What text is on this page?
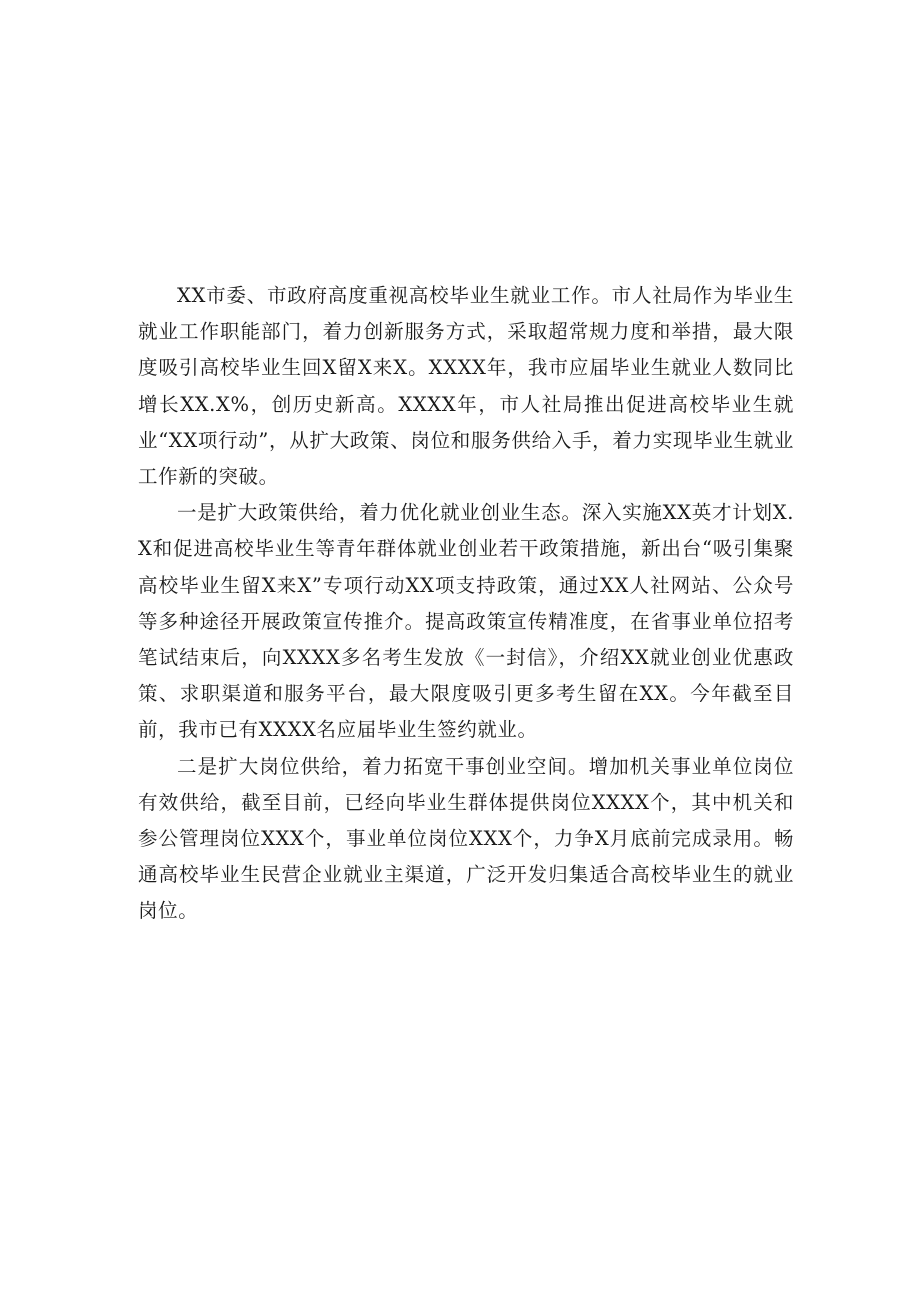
XX市委、市政府高度重视高校毕业生就业工作。市人社局作为毕业生就业工作职能部门，着力创新服务方式，采取超常规力度和举措，最大限度吸引高校毕业生回X留X来X。XXXX年，我市应届毕业生就业人数同比增长XX.X%，创历史新高。XXXX年，市人社局推出促进高校毕业生就业“XX项行动”，从扩大政策、岗位和服务供给入手，着力实现毕业生就业工作新的突破。

一是扩大政策供给，着力优化就业创业生态。深入实施XX英才计划X.X和促进高校毕业生等青年群体就业创业若干政策措施，新出台“吸引集聚高校毕业生留X来X”专项行动XX项支持政策，通过XX人社网站、公众号等多种途径开展政策宣传推介。提高政策宣传精准度，在省事业单位招考笔试结束后，向XXXX多名考生发放《一封信》，介绍XX就业创业优惠政策、求职渠道和服务平台，最大限度吸引更多考生留在XX。今年截至目前，我市已有XXXX名应届毕业生签约就业。

二是扩大岗位供给，着力拓宽干事创业空间。增加机关事业单位岗位有效供给，截至目前，已经向毕业生群体提供岗位XXXX个，其中机关和参公管理岗位XXX个，事业单位岗位XXX个，力争X月底前完成录用。畅通高校毕业生民营企业就业主渠道，广泛开发归集适合高校毕业生的就业岗位。
